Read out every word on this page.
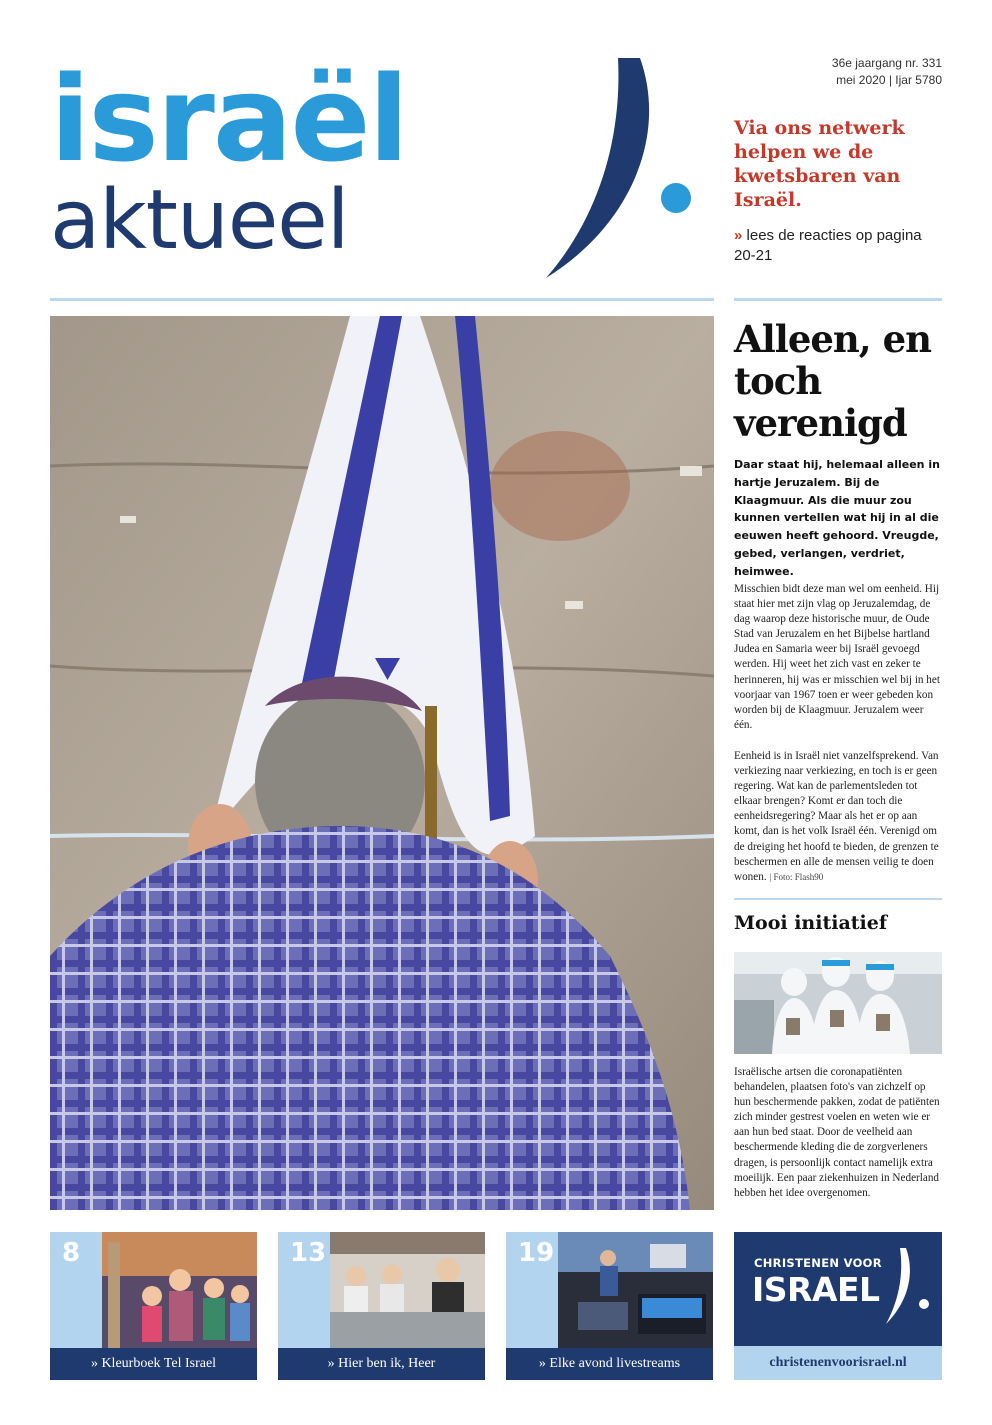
israël
aktueel
36e jaargang nr. 331
mei 2020 | Ijar 5780
Via ons netwerk helpen we de kwetsbaren van Israël.
» lees de reacties op pagina 20-21
Alleen, en toch verenigd
Daar staat hij, helemaal alleen in hartje Jeruzalem. Bij de Klaagmuur. Als die muur zou kunnen vertellen wat hij in al die eeuwen heeft gehoord. Vreugde, gebed, verlangen, verdriet, heimwee.
Misschien bidt deze man wel om eenheid. Hij staat hier met zijn vlag op Jeruzalemdag, de dag waarop deze historische muur, de Oude Stad van Jeruzalem en het Bijbelse hartland Judea en Samaria weer bij Israël gevoegd werden. Hij weet het zich vast en zeker te herinneren, hij was er misschien wel bij in het voorjaar van 1967 toen er weer gebeden kon worden bij de Klaagmuur. Jeruzalem weer één.
Eenheid is in Israël niet vanzelfsprekend. Van verkiezing naar verkiezing, en toch is er geen regering. Wat kan de parlementsleden tot elkaar brengen? Komt er dan toch die eenheidsregering? Maar als het er op aan komt, dan is het volk Israël één. Verenigd om de dreiging het hoofd te bieden, de grenzen te beschermen en alle de mensen veilig te doen wonen. | Foto: Flash90
Mooi initiatief
Israëlische artsen die coronapatiënten behandelen, plaatsen foto's van zichzelf op hun beschermende pakken, zodat de patiënten zich minder gestrest voelen en weten wie er aan hun bed staat. Door de veelheid aan beschermende kleding die de zorgverleners dragen, is persoonlijk contact namelijk extra moeilijk. Een paar ziekenhuizen in Nederland hebben het idee overgenomen.
8
» Kleurboek Tel Israel
13
» Hier ben ik, Heer
19
» Elke avond livestreams
CHRISTENEN VOOR
ISRAEL
christenenvoorisrael.nl
